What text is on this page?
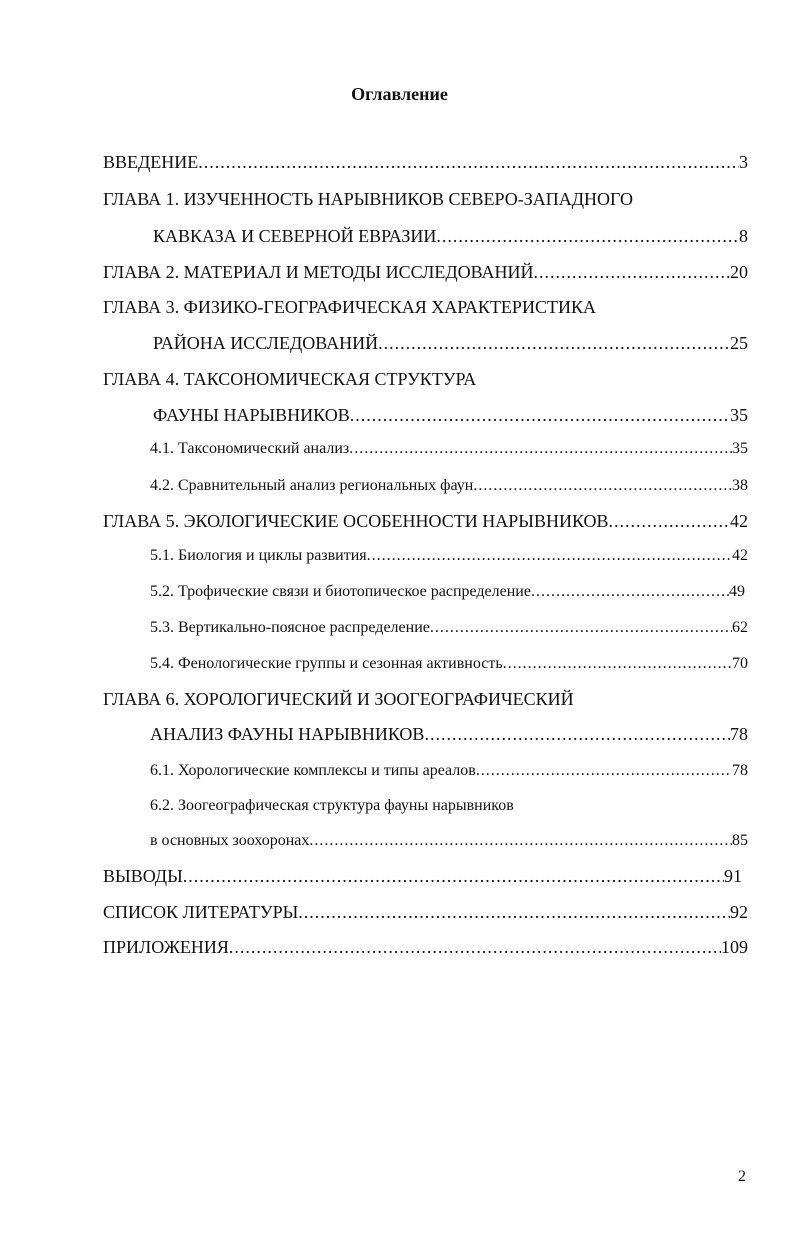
Оглавление
ВВЕДЕНИЕ .....	3
ГЛАВА 1. ИЗУЧЕННОСТЬ НАРЫВНИКОВ СЕВЕРО-ЗАПАДНОГО
КАВКАЗА И СЕВЕРНОЙ ЕВРАЗИИ .....	8
ГЛАВА 2. МАТЕРИАЛ И МЕТОДЫ ИССЛЕДОВАНИЙ .....	20
ГЛАВА 3. ФИЗИКО-ГЕОГРАФИЧЕСКАЯ ХАРАКТЕРИСТИКА
РАЙОНА ИССЛЕДОВАНИЙ .....	25
ГЛАВА 4. ТАКСОНОМИЧЕСКАЯ СТРУКТУРА
ФАУНЫ НАРЫВНИКОВ .....	35
4.1. Таксономический анализ .....	35
4.2. Сравнительный анализ региональных фаун .....	38
ГЛАВА 5. ЭКОЛОГИЧЕСКИЕ ОСОБЕННОСТИ НАРЫВНИКОВ .....	42
5.1. Биология и циклы развития .....	42
5.2. Трофические связи и биотопическое распределение .....	49
5.3. Вертикально-поясное распределение .....	62
5.4. Фенологические группы и сезонная активность .....	70
ГЛАВА 6. ХОРОЛОГИЧЕСКИЙ И ЗООГЕОГРАФИЧЕСКИЙ
АНАЛИЗ ФАУНЫ НАРЫВНИКОВ .....	78
6.1. Хорологические комплексы и типы ареалов .....	78
6.2. Зоогеографическая структура фауны нарывников
в основных зоохоронах .....	85
ВЫВОДЫ .....	91
СПИСОК ЛИТЕРАТУРЫ .....	92
ПРИЛОЖЕНИЯ .....	109
2
